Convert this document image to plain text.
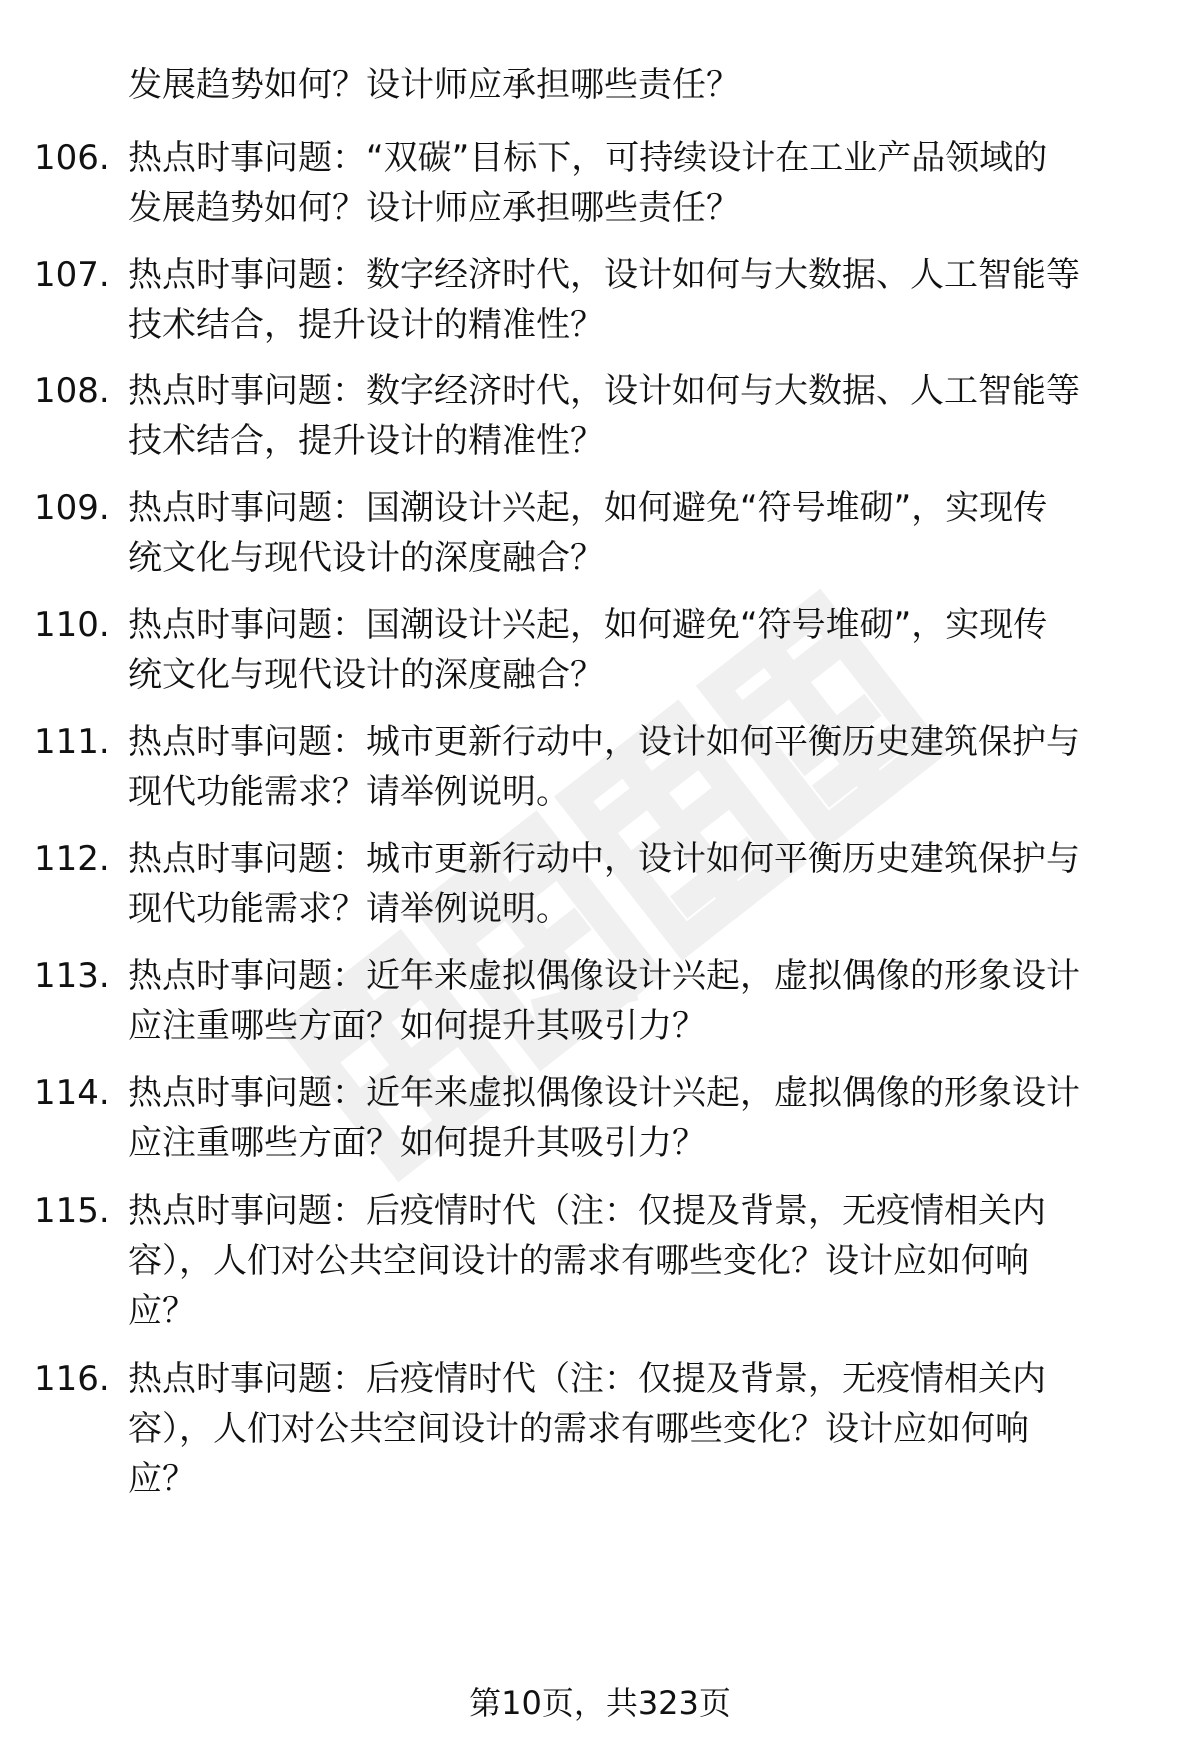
发展趋势如何？设计师应承担哪些责任？
106. 热点时事问题：“双碳”目标下，可持续设计在工业产品领域的
发展趋势如何？设计师应承担哪些责任？
107. 热点时事问题：数字经济时代，设计如何与大数据、人工智能等
技术结合，提升设计的精准性？
108. 热点时事问题：数字经济时代，设计如何与大数据、人工智能等
技术结合，提升设计的精准性？
109. 热点时事问题：国潮设计兴起，如何避免“符号堆砌”，实现传
统文化与现代设计的深度融合？
110. 热点时事问题：国潮设计兴起，如何避免“符号堆砌”，实现传
统文化与现代设计的深度融合？
111. 热点时事问题：城市更新行动中，设计如何平衡历史建筑保护与
现代功能需求？请举例说明。
112. 热点时事问题：城市更新行动中，设计如何平衡历史建筑保护与
现代功能需求？请举例说明。
113. 热点时事问题：近年来虚拟偶像设计兴起，虚拟偶像的形象设计
应注重哪些方面？如何提升其吸引力？
114. 热点时事问题：近年来虚拟偶像设计兴起，虚拟偶像的形象设计
应注重哪些方面？如何提升其吸引力？
115. 热点时事问题：后疫情时代（注：仅提及背景，无疫情相关内
容），人们对公共空间设计的需求有哪些变化？设计应如何响
应？
116. 热点时事问题：后疫情时代（注：仅提及背景，无疫情相关内
容），人们对公共空间设计的需求有哪些变化？设计应如何响
应？
第10页，共323页
